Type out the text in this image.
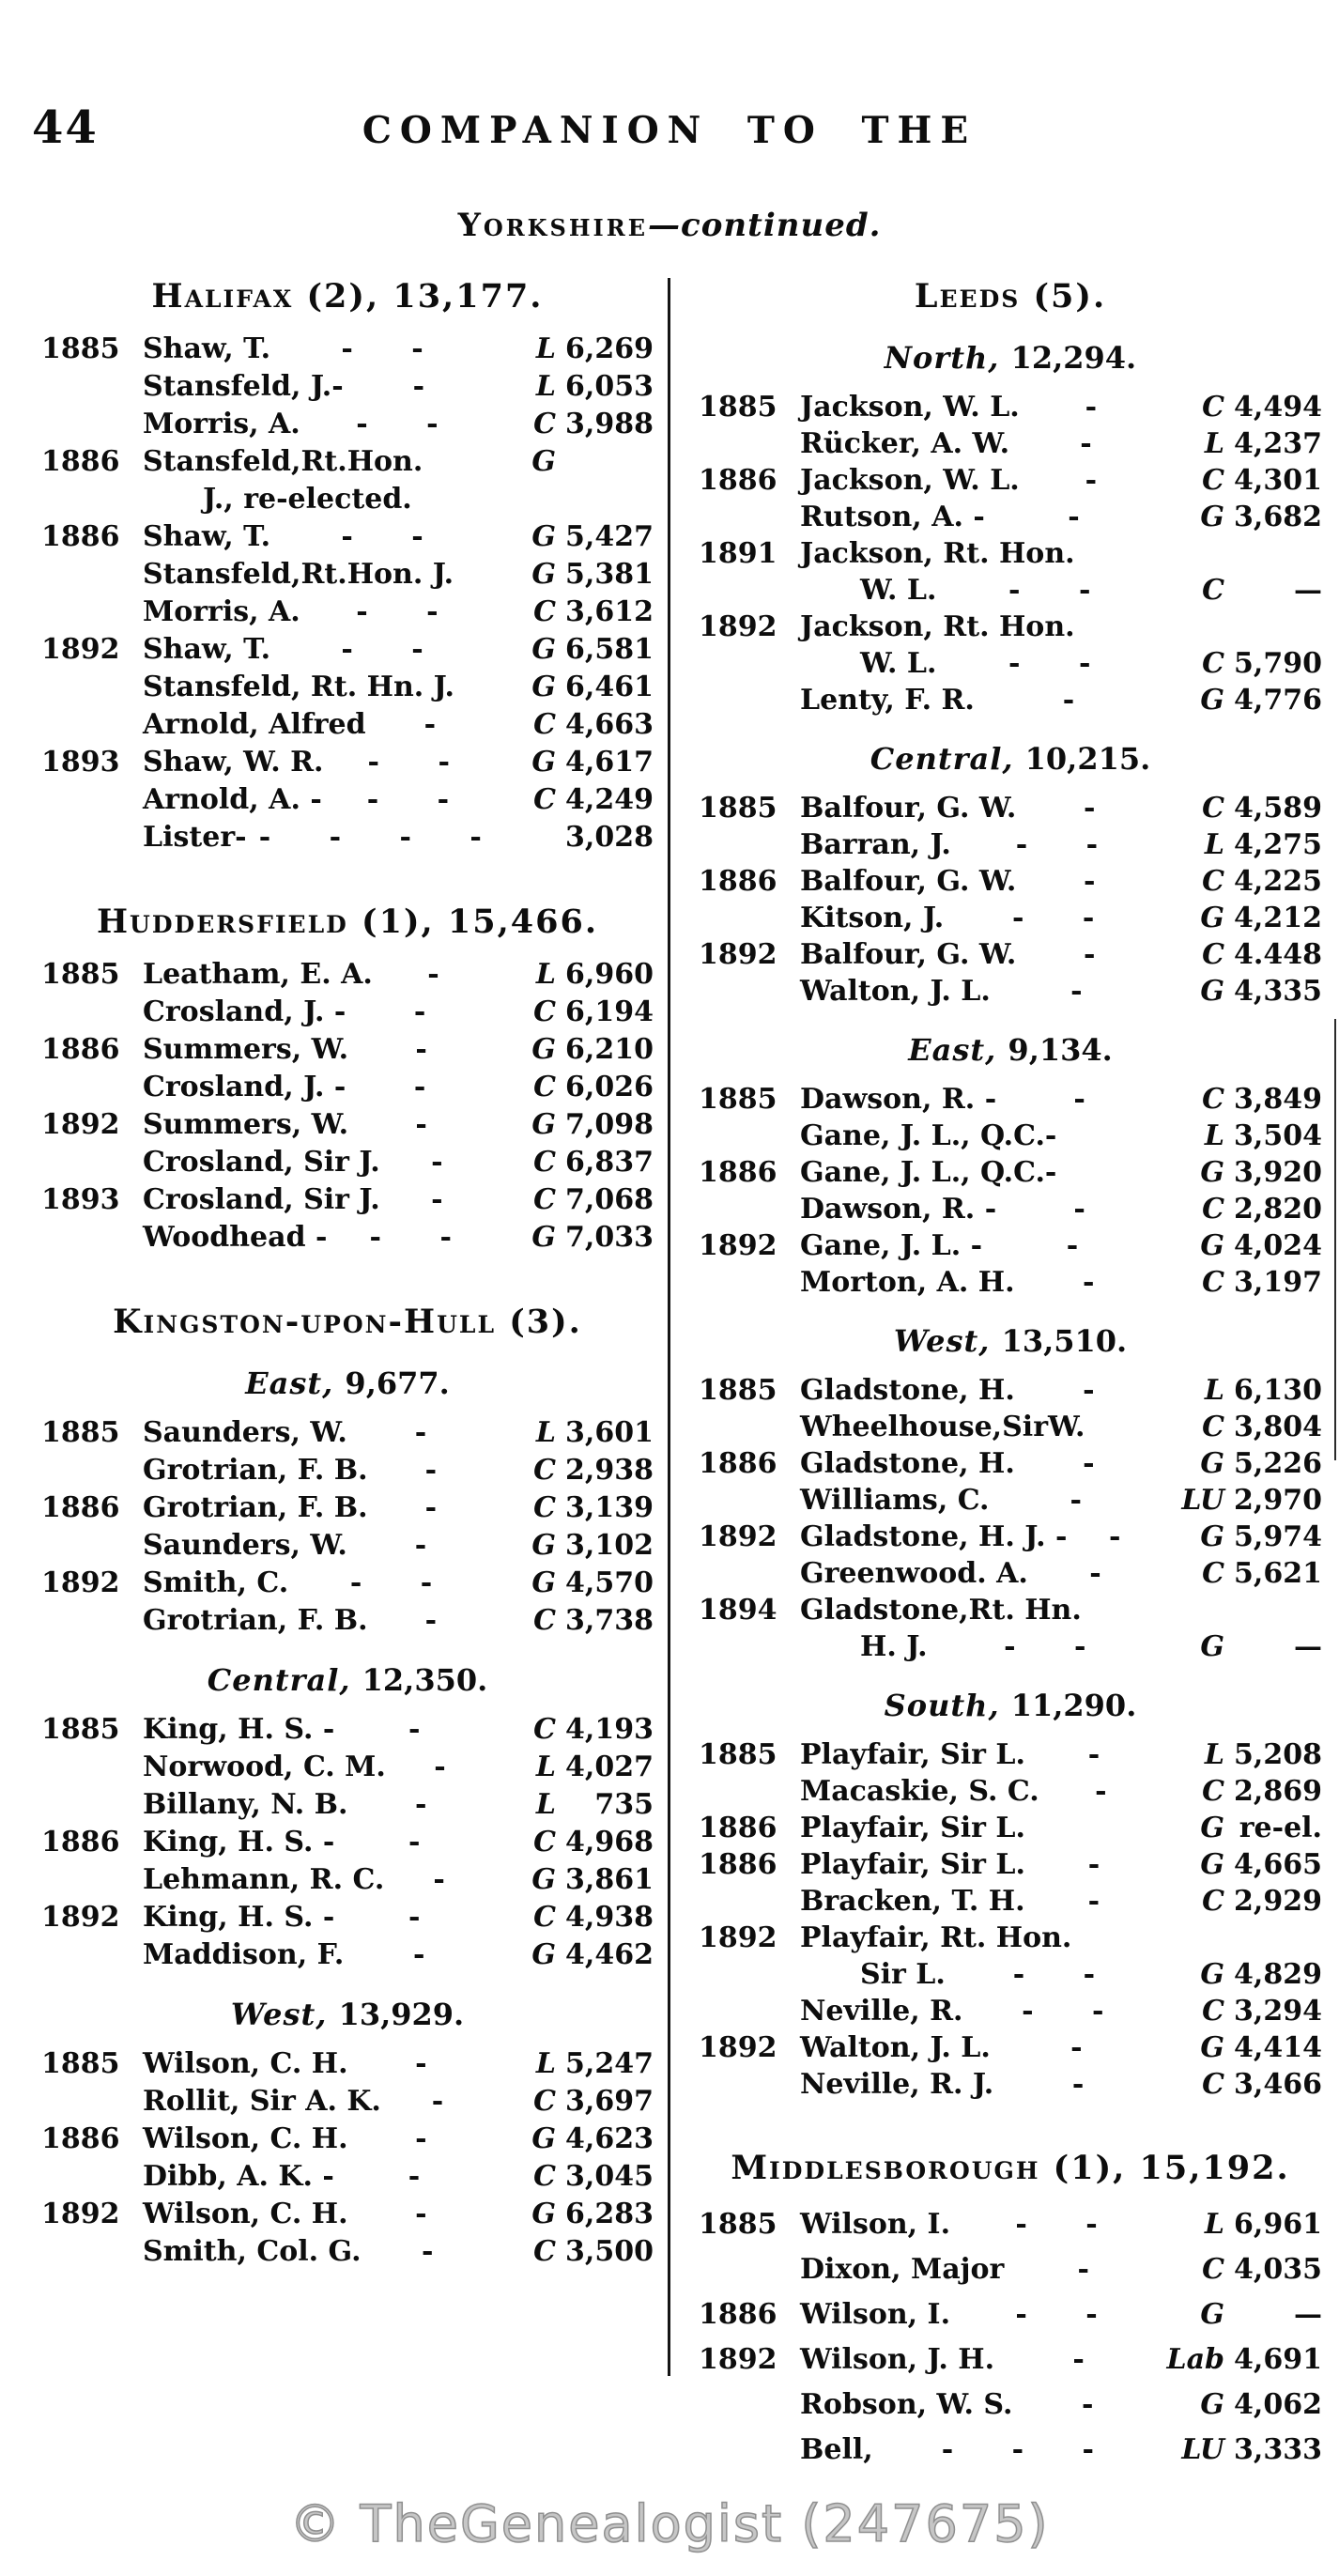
44	COMPANION TO THE
Yorkshire—continued.
Halifax (2), 13,177.
1885 Shaw, T.	- -	L 6,269
Stansfeld, J.-	-	L 6,053
Morris, A.	- -	C 3,988
1886 Stansfeld,Rt.Hon.	G
J., re-elected.
1886 Shaw, T.	- -	G 5,427
Stansfeld,Rt.Hon. J.	G 5,381
Morris, A.	- -	C 3,612
1892 Shaw, T.	- -	G 6,581
Stansfeld, Rt. Hn. J.	G 6,461
Arnold, Alfred	-	C 4,663
1893 Shaw, W. R.	- -	G 4,617
Arnold, A. -	- -	C 4,249
Lister- - - - -	3,028
Huddersfield (1), 15,466.
1885 Leatham, E. A.	-	L 6,960
Crosland, J. -	-	C 6,194
1886 Summers, W.	-	G 6,210
Crosland, J. -	-	C 6,026
1892 Summers, W.	-	G 7,098
Crosland, Sir J.	-	C 6,837
1893 Crosland, Sir J.	-	C 7,068
Woodhead -	- -	G 7,033
Kingston-upon-Hull (3).
East, 9,677.
1885 Saunders, W.	-	L 3,601
Grotrian, F. B.	-	C 2,938
1886 Grotrian, F. B.	-	C 3,139
Saunders, W.	-	G 3,102
1892 Smith, C.	- -	G 4,570
Grotrian, F. B.	-	C 3,738
Central, 12,350.
1885 King, H. S. -	-	C 4,193
Norwood, C. M.	-	L 4,027
Billany, N. B.	-	L	735
1886 King, H. S. -	-	C 4,968
Lehmann, R. C.	-	G 3,861
1892 King, H. S. -	-	C 4,938
Maddison, F.	-	G 4,462
West, 13,929.
1885 Wilson, C. H.	-	L 5,247
Rollit, Sir A. K.	-	C 3,697
1886 Wilson, C. H.	-	G 4,623
Dibb, A. K. -	-	C 3,045
1892 Wilson, C. H.	-	G 6,283
Smith, Col. G.	-	C 3,500
Leeds (5).
North, 12,294.
1885 Jackson, W. L.	-	C 4,494
Rücker, A. W.	-	L 4,237
1886 Jackson, W. L.	-	C 4,301
Rutson, A. -	-	G 3,682
1891 Jackson, Rt. Hon.
W. L.	- -	C	—
1892 Jackson, Rt. Hon.
W. L.	- -	C 5,790
Lenty, F. R.	-	G 4,776
Central, 10,215.
1885 Balfour, G. W.	-	C 4,589
Barran, J.	- -	L 4,275
1886 Balfour, G. W.	-	C 4,225
Kitson, J.	- -	G 4,212
1892 Balfour, G. W.	-	C 4.448
Walton, J. L.	-	G 4,335
East, 9,134.
1885 Dawson, R. -	-	C 3,849
Gane, J. L., Q.C.-	L 3,504
1886 Gane, J. L., Q.C.-	G 3,920
Dawson, R. -	-	C 2,820
1892 Gane, J. L. -	-	G 4,024
Morton, A. H.	-	C 3,197
West, 13,510.
1885 Gladstone, H.	-	L 6,130
Wheelhouse,SirW.	C 3,804
1886 Gladstone, H.	-	G 5,226
Williams, C.	-	LU 2,970
1892 Gladstone, H. J. -	-	G 5,974
Greenwood. A.	-	C 5,621
1894 Gladstone,Rt. Hn.
H. J.	- -	G	—
South, 11,290.
1885 Playfair, Sir L.	-	L 5,208
Macaskie, S. C.	-	C 2,869
1886 Playfair, Sir L.	G re-el.
1886 Playfair, Sir L.	-	G 4,665
Bracken, T. H.	-	C 2,929
1892 Playfair, Rt. Hon.
Sir L.	- -	G 4,829
Neville, R.	- -	C 3,294
1892 Walton, J. L.	-	G 4,414
Neville, R. J.	-	C 3,466
Middlesborough (1), 15,192.
1885 Wilson, I.	- -	L 6,961
Dixon, Major	-	C 4,035
1886 Wilson, I.	- -	G	—
1892 Wilson, J. H.	-	Lab 4,691
Robson, W. S.	-	G 4,062
Bell,	- - -	LU 3,333
© TheGenealogist (247675)
